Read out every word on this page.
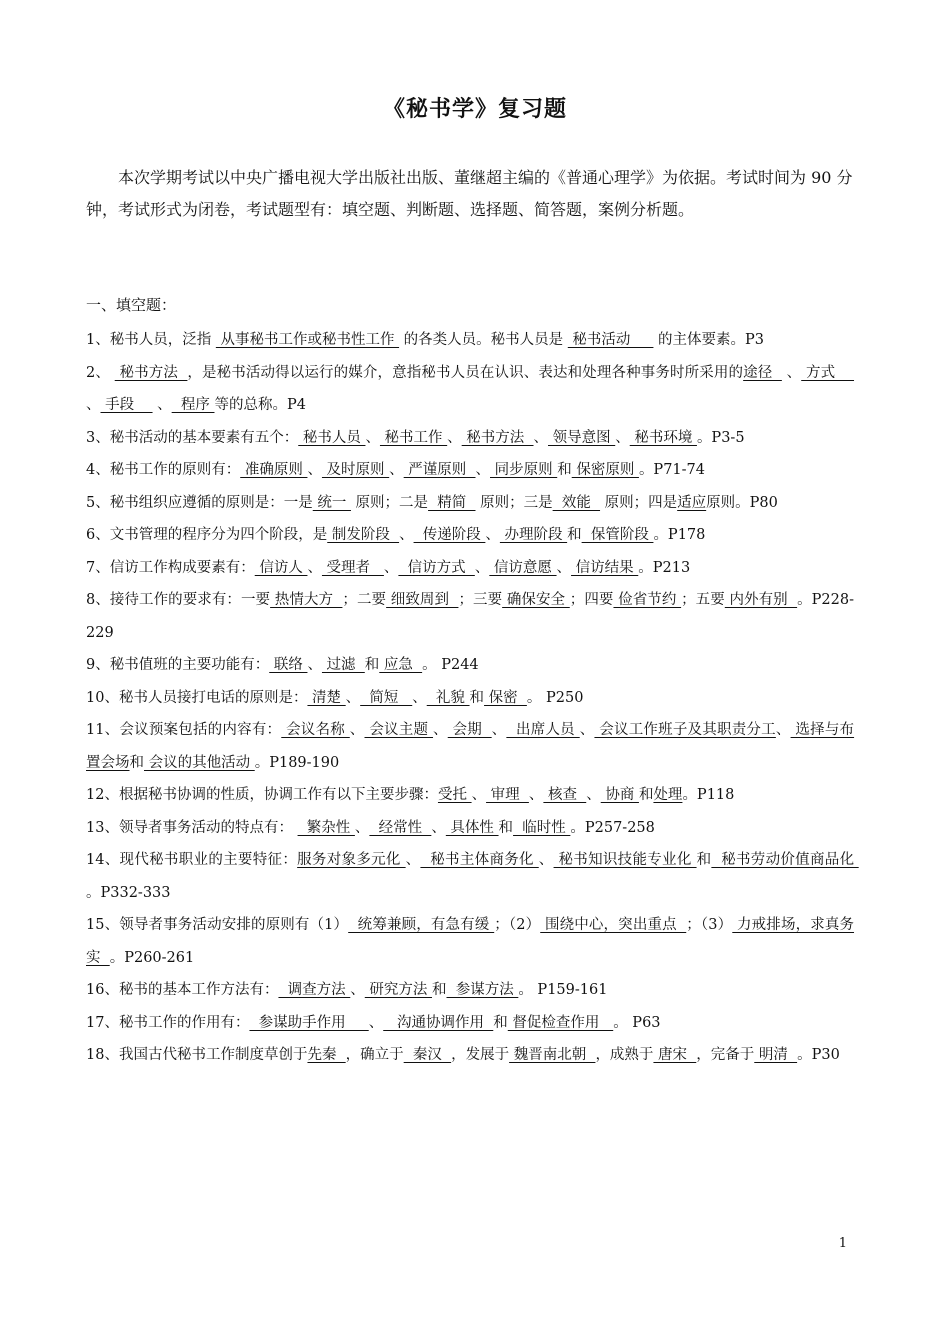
《秘书学》复习题

本次学期考试以中央广播电视大学出版社出版、董继超主编的《普通心理学》为依据。考试时间为 90 分钟，考试形式为闭卷，考试题型有：填空题、判断题、选择题、简答题，案例分析题。

一、填空题：

1、秘书人员，泛指  从事秘书工作或秘书性工作  的各类人员。秘书人员是  秘书活动      的主体要素。P3

2、  秘书方法  ，是秘书活动得以运行的媒介，意指秘书人员在认识、表达和处理各种事务时所采用的途径   、 方式     、 手段     、  程序 等的总称。P4

3、秘书活动的基本要素有五个： 秘书人员 、 秘书工作 、 秘书方法  、 领导意图 、 秘书环境 。P3-5

4、秘书工作的原则有： 准确原则 、 及时原则 、 严谨原则  、 同步原则 和 保密原则 。P71-74

5、秘书组织应遵循的原则是：一是 统一  原则；二是  精简   原则；三是  效能   原则；四是适应原则。P80

6、文书管理的程序分为四个阶段，是 制发阶段  、  传递阶段 、 办理阶段 和  保管阶段 。P178

7、信访工作构成要素有： 信访人 、 受理者   、  信访方式  、 信访意愿 、 信访结果 。P213

8、接待工作的要求有：一要 热情大方  ；二要 细致周到  ；三要 确保安全 ；四要 俭省节约 ；五要 内外有别  。P228-229

9、秘书值班的主要功能有： 联络 、 过滤  和 应急  。 P244

10、秘书人员接打电话的原则是： 清楚 、  简短   、  礼貌 和 保密  。 P250

11、会议预案包括的内容有： 会议名称 、 会议主题 、 会期  、  出席人员 、 会议工作班子及其职责分工、 选择与布置会场和 会议的其他活动 。P189-190

12、根据秘书协调的性质，协调工作有以下主要步骤：受托 、 审理  、 核查  、 协商 和处理。P118

13、领导者事务活动的特点有：   繁杂性 、  经常性  、 具体性 和  临时性 。P257-258

14、现代秘书职业的主要特征：服务对象多元化 、  秘书主体商务化 、 秘书知识技能专业化 和  秘书劳动价值商品化 。P332-333

15、领导者事务活动安排的原则有（1）  统筹兼顾，有急有缓 ；（2） 围绕中心，突出重点  ；（3） 力戒排场，求真务实  。P260-261

16、秘书的基本工作方法有：  调查方法 、 研究方法 和  参谋方法 。 P159-161

17、秘书工作的作用有：  参谋助手作用     、   沟通协调作用  和 督促检查作用   。 P63

18、我国古代秘书工作制度草创于先秦  ，确立于  秦汉  ，发展于 魏晋南北朝  ，成熟于 唐宋  ，完备于 明清  。P30

1
